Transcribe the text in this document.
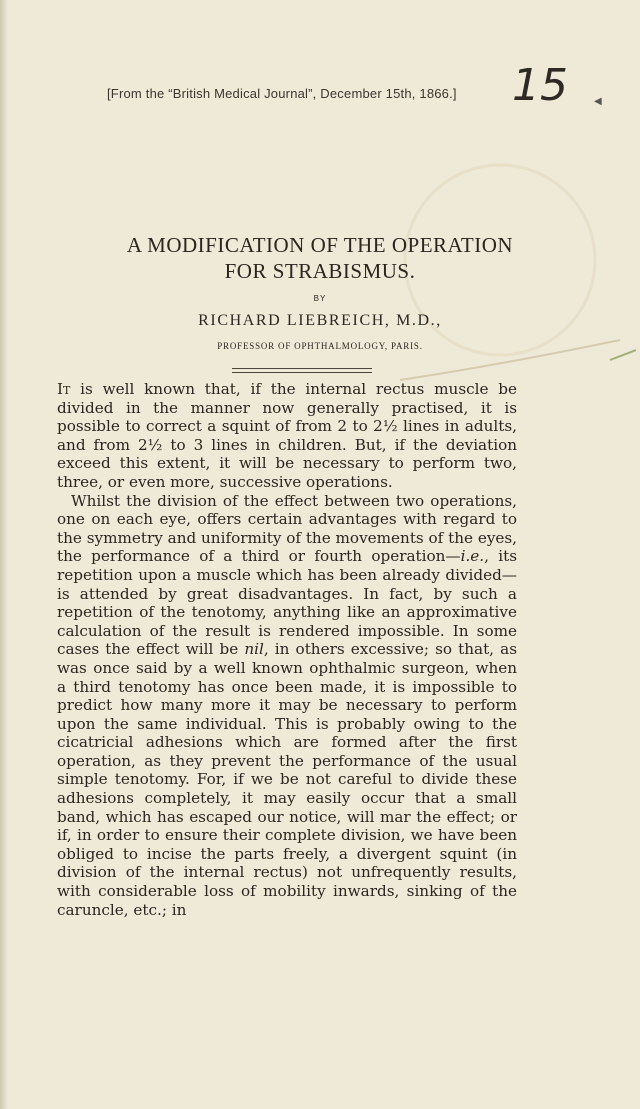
[From the “British Medical Journal”, December 15th, 1866.] 15	◀
A MODIFICATION OF THE OPERATION
FOR STRABISMUS.
BY
RICHARD LIEBREICH, M.D.,
PROFESSOR OF OPHTHALMOLOGY, PARIS.

It is well known that, if the internal rectus muscle be divided in the manner now generally practised, it is possible to correct a squint of from 2 to 2½ lines in adults, and from 2½ to 3 lines in children. But, if the deviation exceed this extent, it will be necessary to perform two, three, or even more, successive operations.

Whilst the division of the effect between two operations, one on each eye, offers certain advantages with regard to the symmetry and uniformity of the movements of the eyes, the performance of a third or fourth operation—i.e., its repetition upon a muscle which has been already divided—is attended by great disadvantages. In fact, by such a repetition of the tenotomy, anything like an approximative calculation of the result is rendered impossible. In some cases the effect will be nil, in others excessive; so that, as was once said by a well known ophthalmic surgeon, when a third tenotomy has once been made, it is impossible to predict how many more it may be necessary to perform upon the same individual. This is probably owing to the cicatricial adhesions which are formed after the first operation, as they prevent the performance of the usual simple tenotomy. For, if we be not careful to divide these adhesions completely, it may easily occur that a small band, which has escaped our notice, will mar the effect; or if, in order to ensure their complete division, we have been obliged to incise the parts freely, a divergent squint (in division of the internal rectus) not unfrequently results, with considerable loss of mobility inwards, sinking of the caruncle, etc.; in
